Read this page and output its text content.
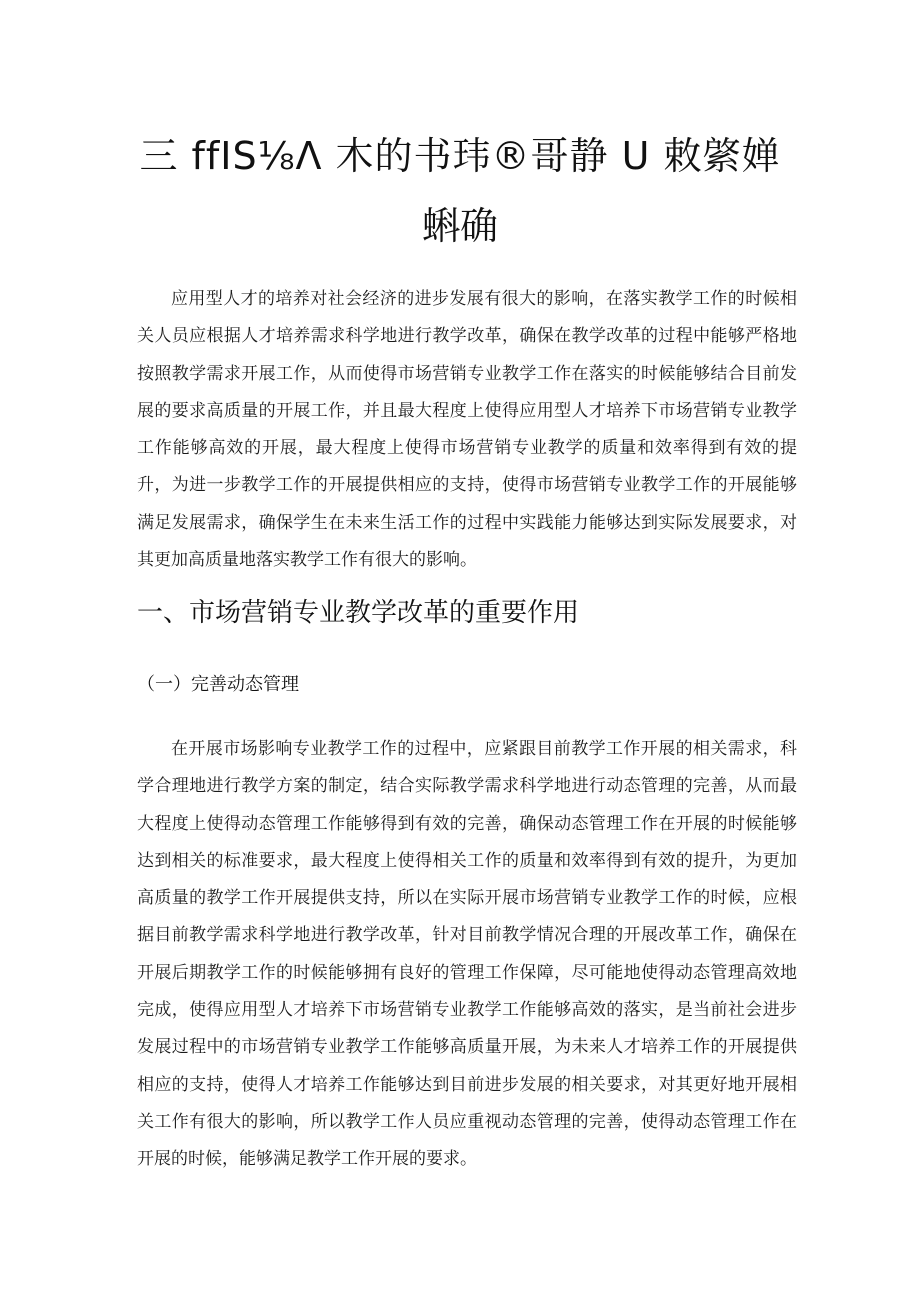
三 ffIS⅛Λ 木的书玮®哥静 U 敕綮婵
蝌确

应用型人才的培养对社会经济的进步发展有很大的影响，在落实教学工作的时候相关人员应根据人才培养需求科学地进行教学改革，确保在教学改革的过程中能够严格地按照教学需求开展工作，从而使得市场营销专业教学工作在落实的时候能够结合目前发展的要求高质量的开展工作，并且最大程度上使得应用型人才培养下市场营销专业教学工作能够高效的开展，最大程度上使得市场营销专业教学的质量和效率得到有效的提升，为进一步教学工作的开展提供相应的支持，使得市场营销专业教学工作的开展能够满足发展需求，确保学生在未来生活工作的过程中实践能力能够达到实际发展要求，对其更加高质量地落实教学工作有很大的影响。

一、市场营销专业教学改革的重要作用
（一）完善动态管理

在开展市场影响专业教学工作的过程中，应紧跟目前教学工作开展的相关需求，科学合理地进行教学方案的制定，结合实际教学需求科学地进行动态管理的完善，从而最大程度上使得动态管理工作能够得到有效的完善，确保动态管理工作在开展的时候能够达到相关的标准要求，最大程度上使得相关工作的质量和效率得到有效的提升，为更加高质量的教学工作开展提供支持，所以在实际开展市场营销专业教学工作的时候，应根据目前教学需求科学地进行教学改革，针对目前教学情况合理的开展改革工作，确保在开展后期教学工作的时候能够拥有良好的管理工作保障，尽可能地使得动态管理高效地完成，使得应用型人才培养下市场营销专业教学工作能够高效的落实，是当前社会进步发展过程中的市场营销专业教学工作能够高质量开展，为未来人才培养工作的开展提供相应的支持，使得人才培养工作能够达到目前进步发展的相关要求，对其更好地开展相关工作有很大的影响，所以教学工作人员应重视动态管理的完善，使得动态管理工作在开展的时候，能够满足教学工作开展的要求。
